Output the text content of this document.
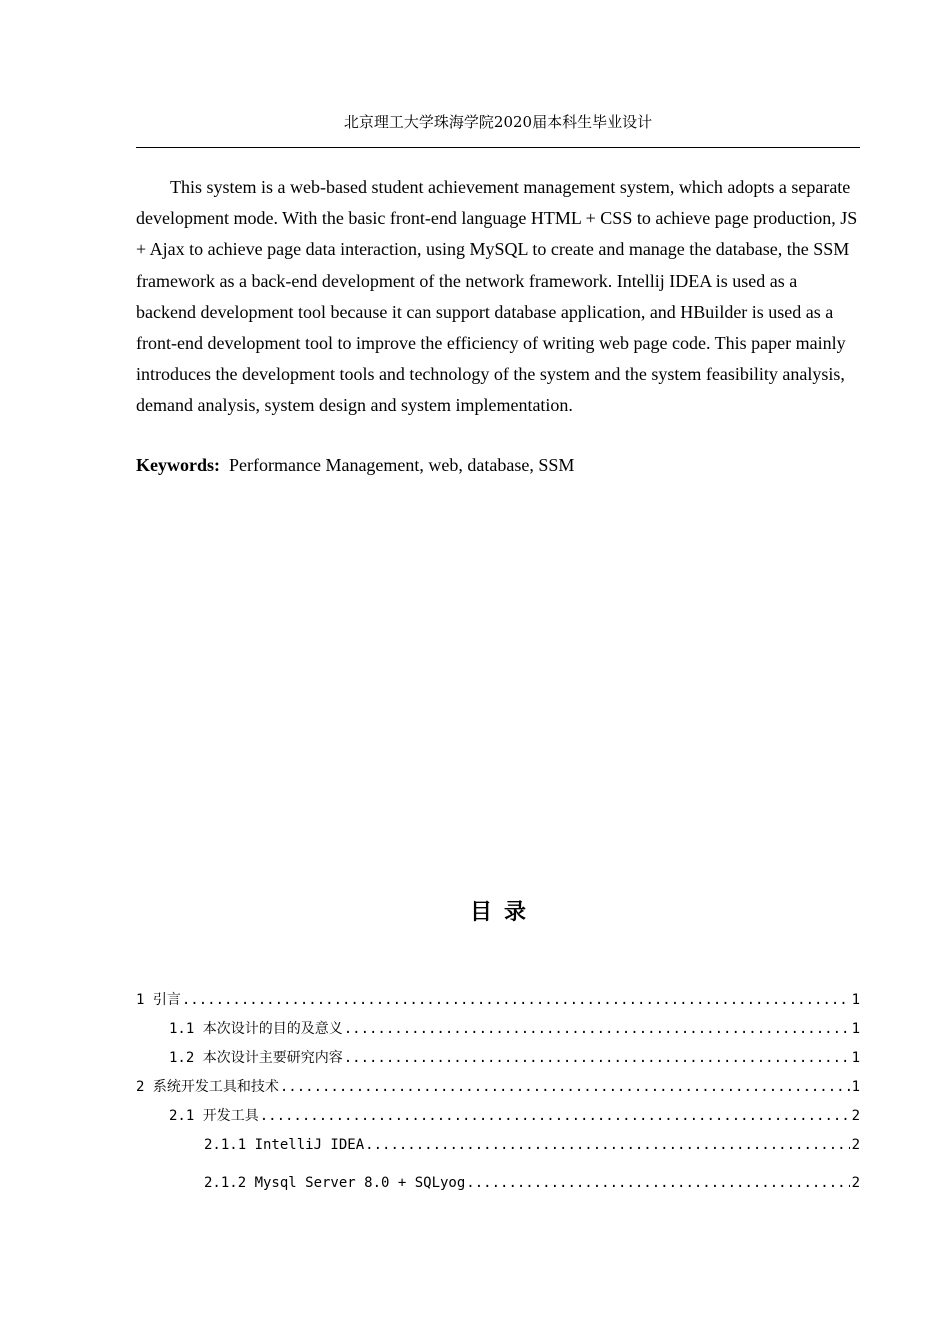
北京理工大学珠海学院2020届本科生毕业设计

This system is a web-based student achievement management system, which adopts a separate development mode. With the basic front-end language HTML + CSS to achieve page production, JS + Ajax to achieve page data interaction, using MySQL to create and manage the database, the SSM framework as a back-end development of the network framework. Intellij IDEA is used as a backend development tool because it can support database application, and HBuilder is used as a front-end development tool to improve the efficiency of writing web page code. This paper mainly introduces the development tools and technology of the system and the system feasibility analysis, demand analysis, system design and system implementation.

Keywords: Performance Management, web, database, SSM
目录
1 引言 .....	1
1.1 本次设计的目的及意义 .....	1
1.2 本次设计主要研究内容 .....	1
2 系统开发工具和技术 .....	1
2.1 开发工具 .....	2
2.1.1 IntelliJ IDEA .....	2
2.1.2 Mysql Server 8.0 + SQLyog .....	2
